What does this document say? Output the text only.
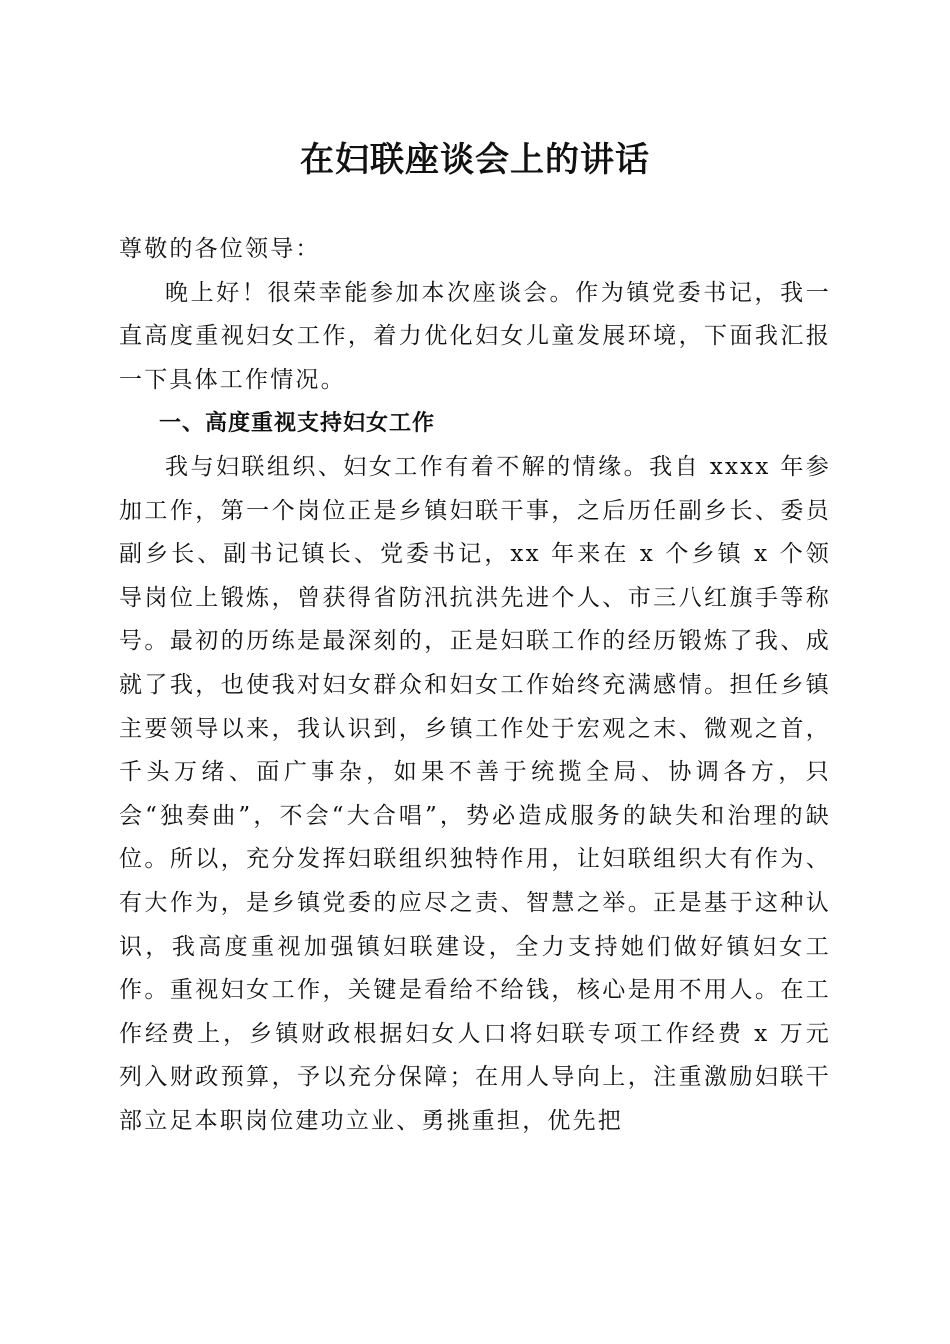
在妇联座谈会上的讲话

尊敬的各位领导：

晚上好！很荣幸能参加本次座谈会。作为镇党委书记，我一直高度重视妇女工作，着力优化妇女儿童发展环境，下面我汇报一下具体工作情况。

一、高度重视支持妇女工作

我与妇联组织、妇女工作有着不解的情缘。我自 xxxx 年参加工作，第一个岗位正是乡镇妇联干事，之后历任副乡长、委员副乡长、副书记镇长、党委书记，xx 年来在 x 个乡镇 x 个领导岗位上锻炼，曾获得省防汛抗洪先进个人、市三八红旗手等称号。最初的历练是最深刻的，正是妇联工作的经历锻炼了我、成就了我，也使我对妇女群众和妇女工作始终充满感情。担任乡镇主要领导以来，我认识到，乡镇工作处于宏观之末、微观之首，千头万绪、面广事杂，如果不善于统揽全局、协调各方，只会“独奏曲”，不会“大合唱”，势必造成服务的缺失和治理的缺位。所以，充分发挥妇联组织独特作用，让妇联组织大有作为、有大作为，是乡镇党委的应尽之责、智慧之举。正是基于这种认识，我高度重视加强镇妇联建设，全力支持她们做好镇妇女工作。重视妇女工作，关键是看给不给钱，核心是用不用人。在工作经费上，乡镇财政根据妇女人口将妇联专项工作经费 x 万元列入财政预算，予以充分保障；在用人导向上，注重激励妇联干部立足本职岗位建功立业、勇挑重担，优先把
